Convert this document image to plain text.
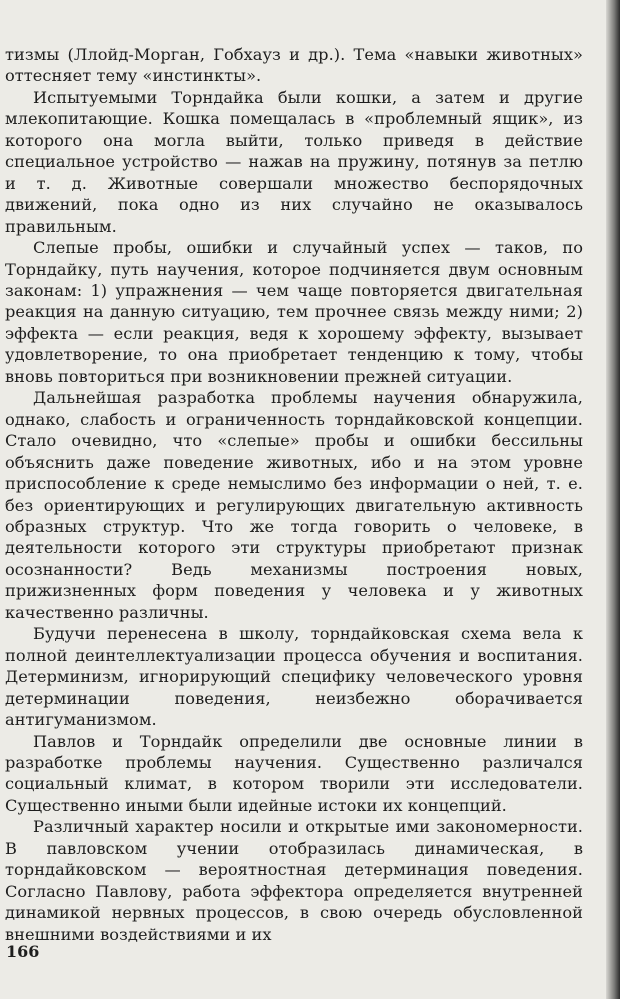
тизмы (Ллойд-Морган, Гобхауз и др.). Тема «навыки животных» оттесняет тему «инстинкты».

Испытуемыми Торндайка были кошки, а затем и другие млекопитающие. Кошка помещалась в «проблемный ящик», из которого она могла выйти, только приведя в действие специальное устройство — нажав на пружину, потянув за петлю и т. д. Животные совершали множество беспорядочных движений, пока одно из них случайно не оказывалось правильным.

Слепые пробы, ошибки и случайный успех — таков, по Торндайку, путь научения, которое подчиняется двум основным законам: 1) упражнения — чем чаще повторяется двигательная реакция на данную ситуацию, тем прочнее связь между ними; 2) эффекта — если реакция, ведя к хорошему эффекту, вызывает удовлетворение, то она приобретает тенденцию к тому, чтобы вновь повториться при возникновении прежней ситуации.

Дальнейшая разработка проблемы научения обнаружила, однако, слабость и ограниченность торндайковской концепции. Стало очевидно, что «слепые» пробы и ошибки бессильны объяснить даже поведение животных, ибо и на этом уровне приспособление к среде немыслимо без информации о ней, т. е. без ориентирующих и регулирующих двигательную активность образных структур. Что же тогда говорить о человеке, в деятельности которого эти структуры приобретают признак осознанности? Ведь механизмы построения новых, прижизненных форм поведения у человека и у животных качественно различны.

Будучи перенесена в школу, торндайковская схема вела к полной деинтеллектуализации процесса обучения и воспитания. Детерминизм, игнорирующий специфику человеческого уровня детерминации поведения, неизбежно оборачивается антигуманизмом.

Павлов и Торндайк определили две основные линии в разработке проблемы научения. Существенно различался социальный климат, в котором творили эти исследователи. Существенно иными были идейные истоки их концепций.

Различный характер носили и открытые ими закономерности. В павловском учении отобразилась динамическая, в торндайковском — вероятностная детерминация поведения. Согласно Павлову, работа эффектора определяется внутренней динамикой нервных процессов, в свою очередь обусловленной внешними воздействиями и их

166
